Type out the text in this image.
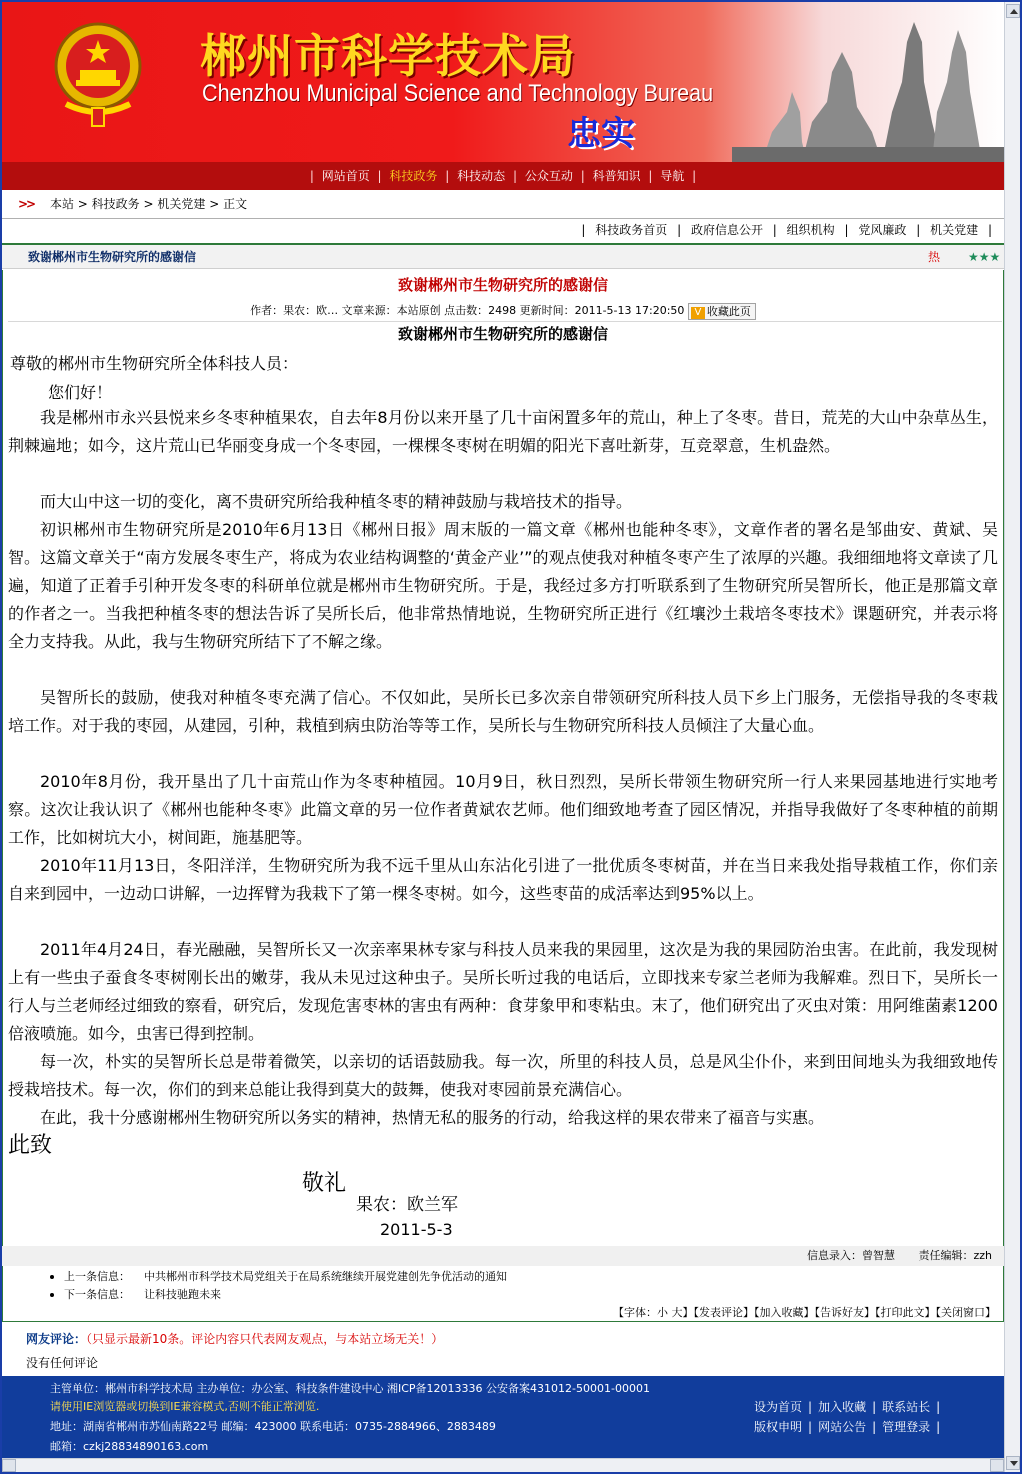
郴州市科学技术局
Chenzhou Municipal Science and Technology Bureau
忠实
| 网站首页 | 科技政务 | 科技动态 | 公众互动 | 科普知识 | 导航 |
>> 本站 > 科技政务 > 机关党建 > 正文
| 科技政务首页 | 政府信息公开 | 组织机构 | 党风廉政 | 机关党建 |
致谢郴州市生物研究所的感谢信	热 ★★★
致谢郴州市生物研究所的感谢信
作者：果农：欧… 文章来源：本站原创 点击数：2498 更新时间：2011-5-13 17:20:50 V 收藏此页
致谢郴州市生物研究所的感谢信
尊敬的郴州市生物研究所全体科技人员：
您们好！
我是郴州市永兴县悦来乡冬枣种植果农，自去年8月份以来开垦了几十亩闲置多年的荒山，种上了冬枣。昔日，荒芜的大山中杂草丛生，荆棘遍地；如今，这片荒山已华丽变身成一个冬枣园，一棵棵冬枣树在明媚的阳光下喜吐新芽，互竞翠意，生机盎然。
而大山中这一切的变化，离不贵研究所给我种植冬枣的精神鼓励与栽培技术的指导。
初识郴州市生物研究所是2010年6月13日《郴州日报》周末版的一篇文章《郴州也能种冬枣》，文章作者的署名是邹曲安、黄斌、吴智。这篇文章关于“南方发展冬枣生产，将成为农业结构调整的‘黄金产业’”的观点使我对种植冬枣产生了浓厚的兴趣。我细细地将文章读了几遍，知道了正着手引种开发冬枣的科研单位就是郴州市生物研究所。于是，我经过多方打听联系到了生物研究所吴智所长，他正是那篇文章的作者之一。当我把种植冬枣的想法告诉了吴所长后，他非常热情地说，生物研究所正进行《红壤沙土栽培冬枣技术》课题研究，并表示将全力支持我。从此，我与生物研究所结下了不解之缘。
吴智所长的鼓励，使我对种植冬枣充满了信心。不仅如此，吴所长已多次亲自带领研究所科技人员下乡上门服务，无偿指导我的冬枣栽培工作。对于我的枣园，从建园，引种，栽植到病虫防治等等工作，吴所长与生物研究所科技人员倾注了大量心血。
2010年8月份，我开垦出了几十亩荒山作为冬枣种植园。10月9日，秋日烈烈，吴所长带领生物研究所一行人来果园基地进行实地考察。这次让我认识了《郴州也能种冬枣》此篇文章的另一位作者黄斌农艺师。他们细致地考查了园区情况，并指导我做好了冬枣种植的前期工作，比如树坑大小，树间距，施基肥等。
2010年11月13日，冬阳洋洋，生物研究所为我不远千里从山东沾化引进了一批优质冬枣树苗，并在当日来我处指导栽植工作，你们亲自来到园中，一边动口讲解，一边挥臂为我栽下了第一棵冬枣树。如今，这些枣苗的成活率达到95%以上。
2011年4月24日，春光融融，吴智所长又一次亲率果林专家与科技人员来我的果园里，这次是为我的果园防治虫害。在此前，我发现树上有一些虫子蚕食冬枣树刚长出的嫩芽，我从未见过这种虫子。吴所长听过我的电话后，立即找来专家兰老师为我解难。烈日下，吴所长一行人与兰老师经过细致的察看，研究后，发现危害枣林的害虫有两种：食芽象甲和枣粘虫。末了，他们研究出了灭虫对策：用阿维菌素1200倍液喷施。如今，虫害已得到控制。
每一次，朴实的吴智所长总是带着微笑，以亲切的话语鼓励我。每一次，所里的科技人员，总是风尘仆仆，来到田间地头为我细致地传授栽培技术。每一次，你们的到来总能让我得到莫大的鼓舞，使我对枣园前景充满信心。
在此，我十分感谢郴州生物研究所以务实的精神，热情无私的服务的行动，给我这样的果农带来了福音与实惠。
此致
敬礼
果农：欧兰军
2011-5-3
信息录入：曾智慧 责任编辑：zzh
上一条信息： 中共郴州市科学技术局党组关于在局系统继续开展党建创先争优活动的通知
下一条信息： 让科技驰跑未来
【字体：小 大】【发表评论】【加入收藏】【告诉好友】【打印此文】【关闭窗口】
网友评论：（只显示最新10条。评论内容只代表网友观点，与本站立场无关！）
没有任何评论
主管单位：郴州市科学技术局 主办单位：办公室、科技条件建设中心 湘ICP备12013336 公安备案431012-50001-00001
请使用IE浏览器或切换到IE兼容模式,否则不能正常浏览.
地址：湖南省郴州市苏仙南路22号 邮编：423000 联系电话：0735-2884966、2883489
邮箱：czkj28834890163.com
设为首页 | 加入收藏 | 联系站长 |
版权申明 | 网站公告 | 管理登录 |
